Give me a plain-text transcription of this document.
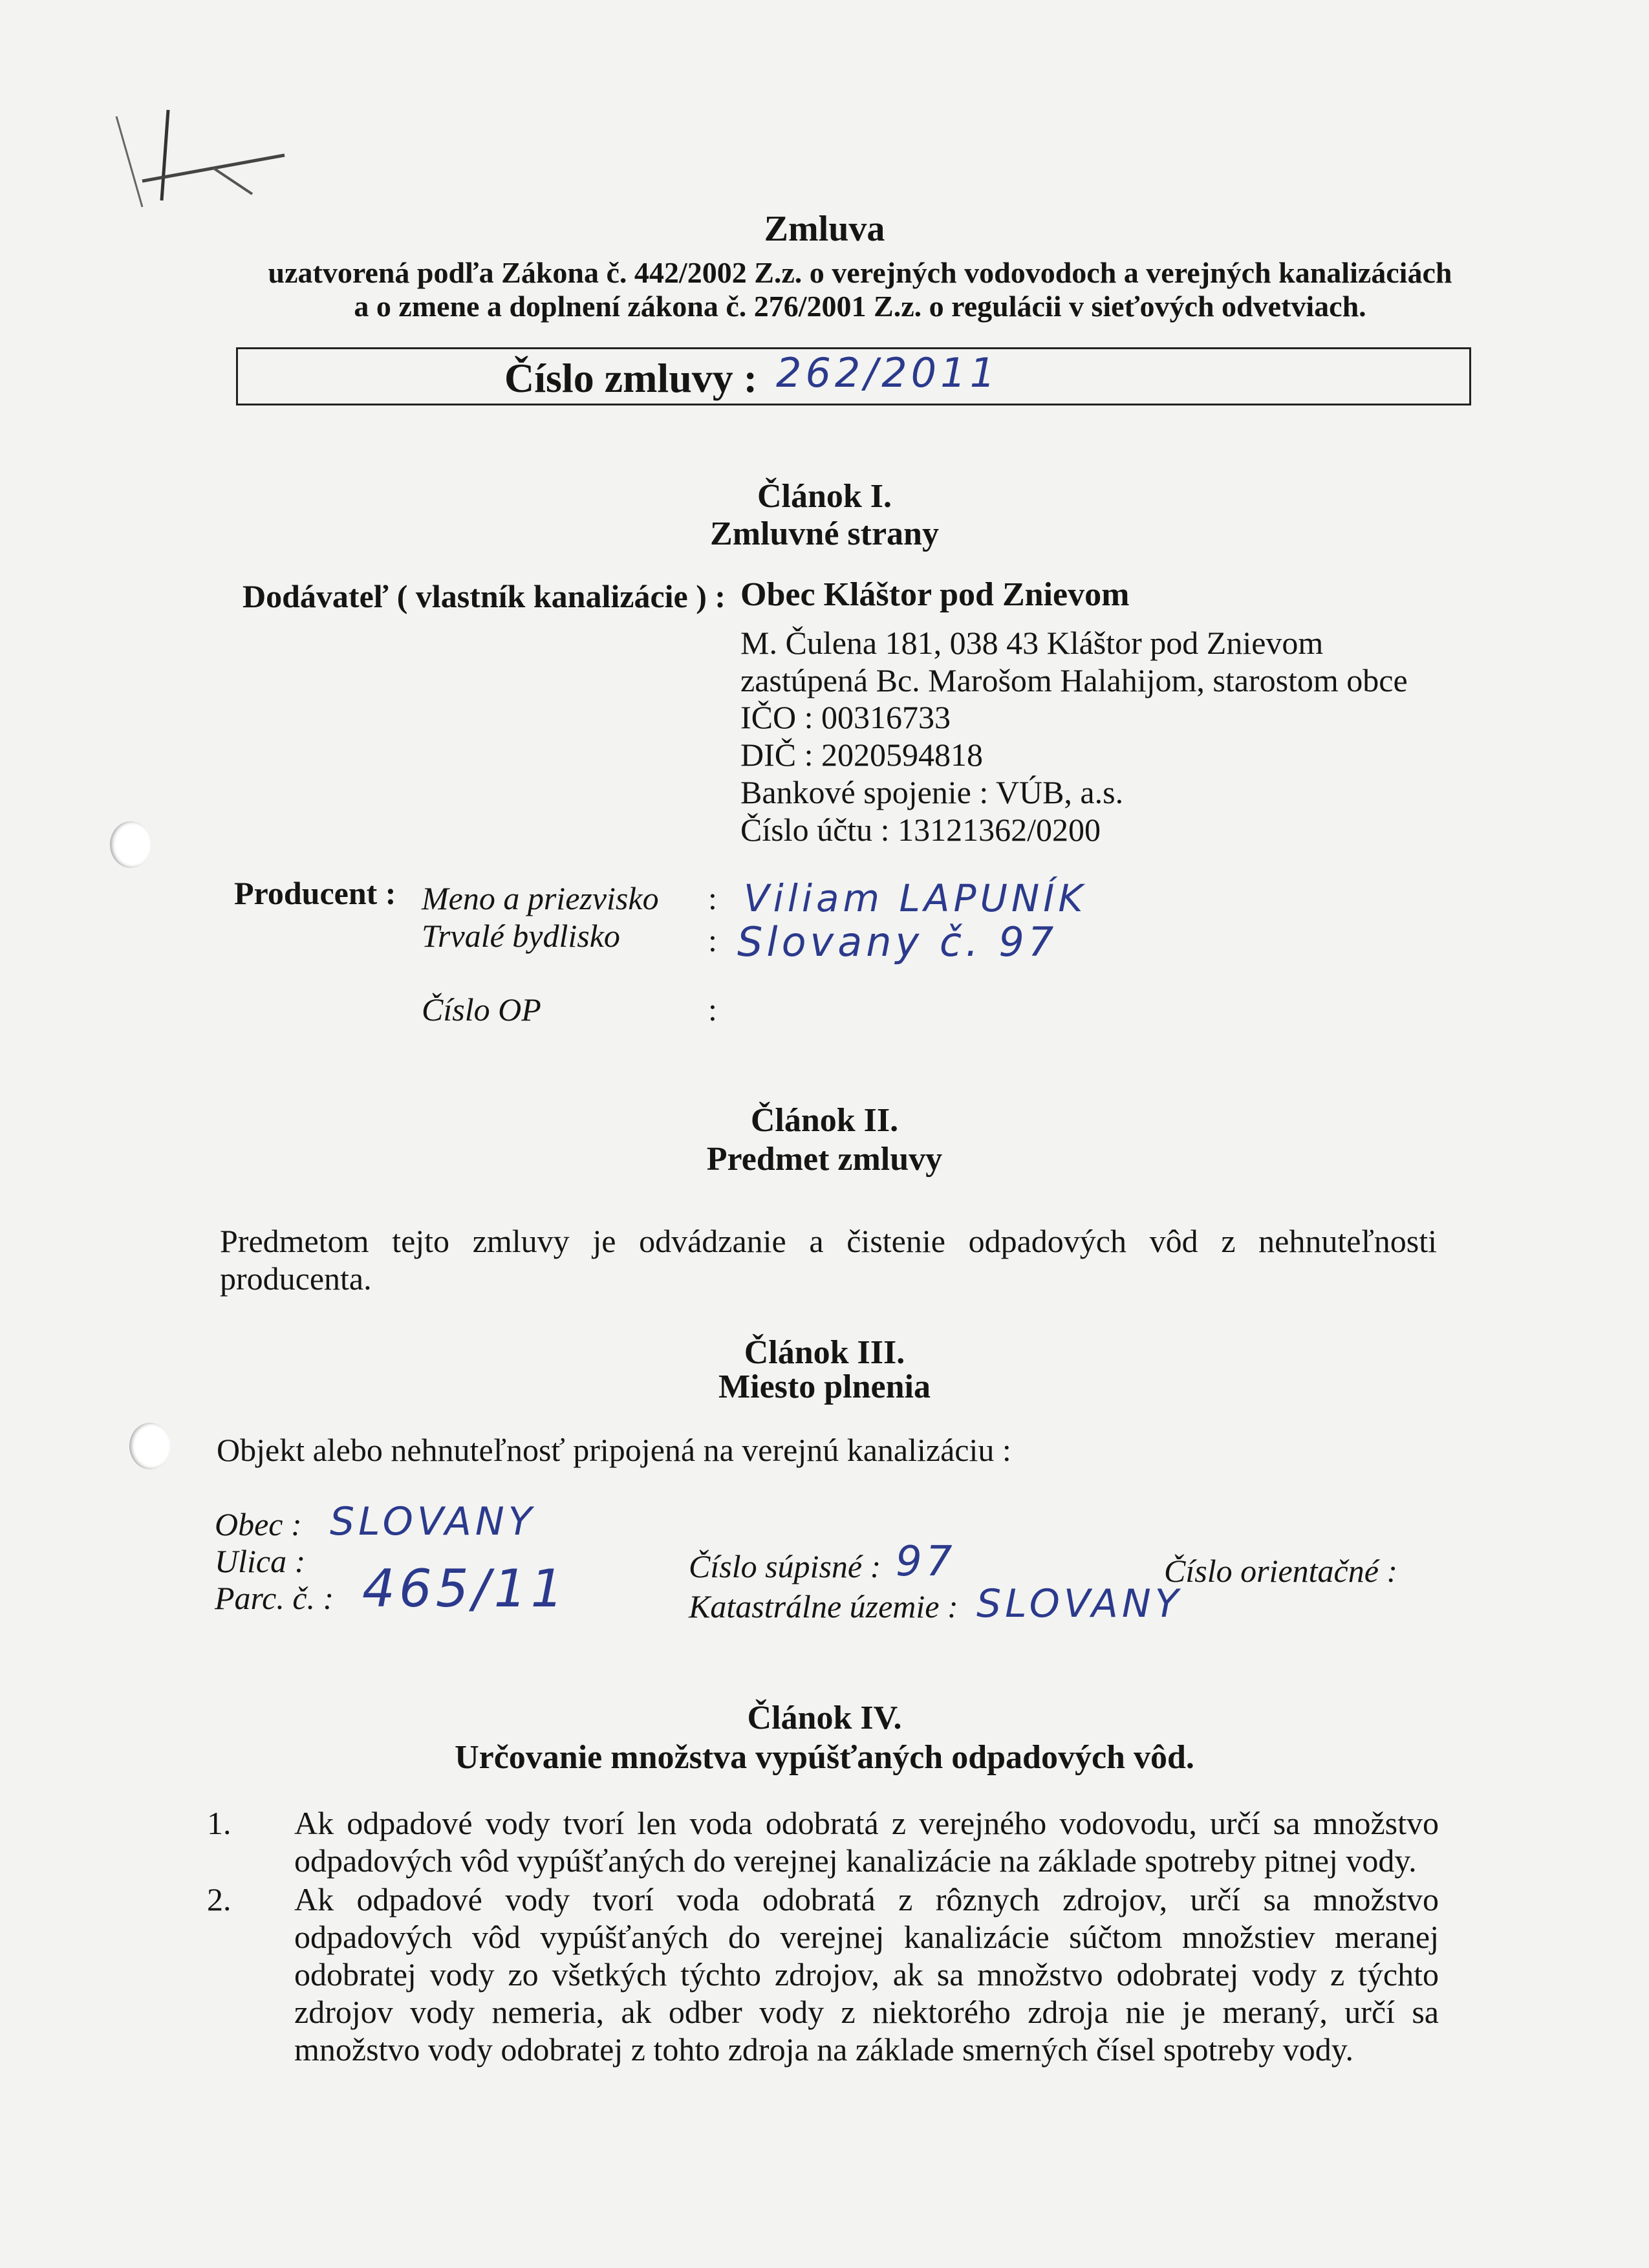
Zmluva
uzatvorená podľa Zákona č. 442/2002 Z.z. o verejných vodovodoch a verejných kanalizáciách
a o zmene a doplnení zákona č. 276/2001 Z.z. o regulácii v sieťových odvetviach.
Číslo zmluvy : 262/2011
Článok I.
Zmluvné strany
Dodávateľ ( vlastník kanalizácie ) : Obec Kláštor pod Znievom
M. Čulena 181, 038 43 Kláštor pod Znievom
zastúpená Bc. Marošom Halahijom, starostom obce
IČO : 00316733
DIČ : 2020594818
Bankové spojenie : VÚB, a.s.
Číslo účtu : 13121362/0200
Producent : Meno a priezvisko : Viliam LAPUNÍK
Trvalé bydlisko	: Slovany č. 97
Číslo OP	:
Článok II.
Predmet zmluvy
Predmetom tejto zmluvy je odvádzanie a čistenie odpadových vôd z nehnuteľnosti
producenta.
Článok III.
Miesto plnenia
Objekt alebo nehnuteľnosť pripojená na verejnú kanalizáciu :
Obec : SLOVANY
Ulica :	Číslo súpisné : 97	Číslo orientačné :
Parc. č. : 465/11	Katastrálne územie : SLOVANY
Článok IV.
Určovanie množstva vypúšťaných odpadových vôd.
1.	Ak odpadové vody tvorí len voda odobratá z verejného vodovodu, určí sa množstvo
odpadových vôd vypúšťaných do verejnej kanalizácie na základe spotreby pitnej vody.
2.	Ak odpadové vody tvorí voda odobratá z rôznych zdrojov, určí sa množstvo
odpadových vôd vypúšťaných do verejnej kanalizácie súčtom množstiev meranej
odobratej vody zo všetkých týchto zdrojov, ak sa množstvo odobratej vody z týchto
zdrojov vody nemeria, ak odber vody z niektorého zdroja nie je meraný, určí sa
množstvo vody odobratej z tohto zdroja na základe smerných čísel spotreby vody.
